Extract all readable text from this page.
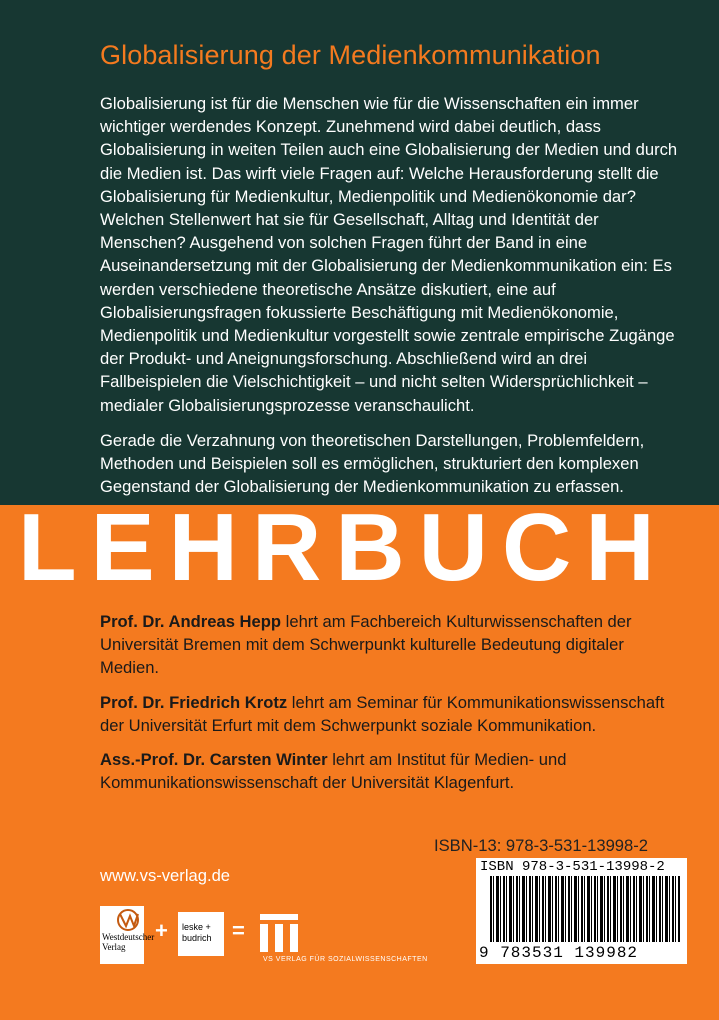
Globalisierung der Medienkommunikation

Globalisierung ist für die Menschen wie für die Wissenschaften ein immer wichtiger werdendes Konzept. Zunehmend wird dabei deutlich, dass Globalisierung in weiten Teilen auch eine Globalisierung der Medien und durch die Medien ist. Das wirft viele Fragen auf: Welche Herausforderung stellt die Globalisierung für Medienkultur, Medienpolitik und Medienökonomie dar? Welchen Stellenwert hat sie für Gesellschaft, Alltag und Identität der Menschen? Ausgehend von solchen Fragen führt der Band in eine Auseinandersetzung mit der Globalisierung der Medienkommunikation ein: Es werden verschiedene theoretische Ansätze diskutiert, eine auf Globalisierungsfragen fokussierte Beschäftigung mit Medienökonomie, Medienpolitik und Medienkultur vorgestellt sowie zentrale empirische Zugänge der Produkt- und Aneignungsforschung. Abschließend wird an drei Fallbeispielen die Vielschichtigkeit – und nicht selten Widersprüchlichkeit – medialer Globalisierungsprozesse veranschaulicht.

Gerade die Verzahnung von theoretischen Darstellungen, Problemfeldern, Methoden und Beispielen soll es ermöglichen, strukturiert den komplexen Gegenstand der Globalisierung der Medienkommunikation zu erfassen.

LEHRBUCH

Prof. Dr. Andreas Hepp lehrt am Fachbereich Kulturwissenschaften der Universität Bremen mit dem Schwerpunkt kulturelle Bedeutung digitaler Medien.

Prof. Dr. Friedrich Krotz lehrt am Seminar für Kommunikationswissenschaft der Universität Erfurt mit dem Schwerpunkt soziale Kommunikation.

Ass.-Prof. Dr. Carsten Winter lehrt am Institut für Medien- und Kommunikationswissenschaft der Universität Klagenfurt.

ISBN-13: 978-3-531-13998-2
ISBN 978-3-531-13998-2
9 783531 139982
www.vs-verlag.de
Westdeutscher Verlag
+ leske + budrich =
VS VERLAG FÜR SOZIALWISSENSCHAFTEN
